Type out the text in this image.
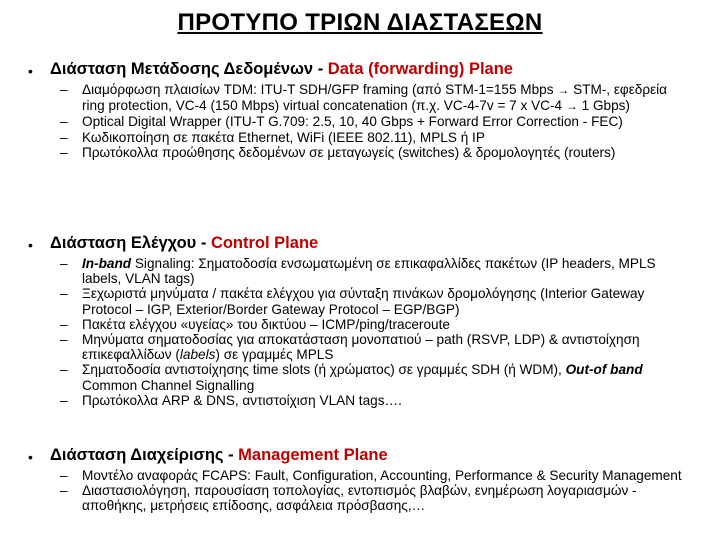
ΠΡΟΤΥΠΟ ΤΡΙΩΝ ΔΙΑΣΤΑΣΕΩΝ
• Διάσταση Μετάδοσης Δεδομένων - Data (forwarding) Plane
– Διαμόρφωση πλαισίων TDM: ITU-T SDH/GFP framing (από STM-1=155 Mbps → STM-, εφεδρεία ring protection, VC-4 (150 Mbps) virtual concatenation (π.χ. VC-4-7v = 7 x VC-4 → 1 Gbps)
– Optical Digital Wrapper (ITU-T G.709: 2.5, 10, 40 Gbps + Forward Error Correction - FEC)
– Κωδικοποίηση σε πακέτα Ethernet, WiFi (IEEE 802.11), MPLS ή IP
– Πρωτόκολλα προώθησης δεδομένων σε μεταγωγείς (switches) & δρομολογητές (routers)
• Διάσταση Ελέγχου - Control Plane
– In-band Signaling: Σηματοδοσία ενσωματωμένη σε επικαφαλλίδες πακέτων (IP headers, MPLS labels, VLAN tags)
– Ξεχωριστά μηνύματα / πακέτα ελέγχου για σύνταξη πινάκων δρομολόγησης (Interior Gateway Protocol – IGP, Exterior/Border Gateway Protocol – EGP/BGP)
– Πακέτα ελέγχου «υγείας» του δικτύου – ICMP/ping/traceroute
– Μηνύματα σηματοδοσίας για αποκατάσταση μονοπατιού – path (RSVP, LDP) & αντιστοίχηση επικεφαλλίδων (labels) σε γραμμές MPLS
– Σηματοδοσία αντιστοίχησης time slots (ή χρώματος) σε γραμμές SDH (ή WDM), Out-of band Common Channel Signalling
– Πρωτόκολλα ARP & DNS, αντιστοίχιση VLAN tags….
• Διάσταση Διαχείρισης - Management Plane
– Μοντέλο αναφοράς FCAPS: Fault, Configuration, Accounting, Performance & Security Management
– Διαστασιολόγηση, παρουσίαση τοπολογίας, εντοπισμός βλαβών, ενημέρωση λογαριασμών - αποθήκης, μετρήσεις επίδοσης, ασφάλεια πρόσβασης,…
